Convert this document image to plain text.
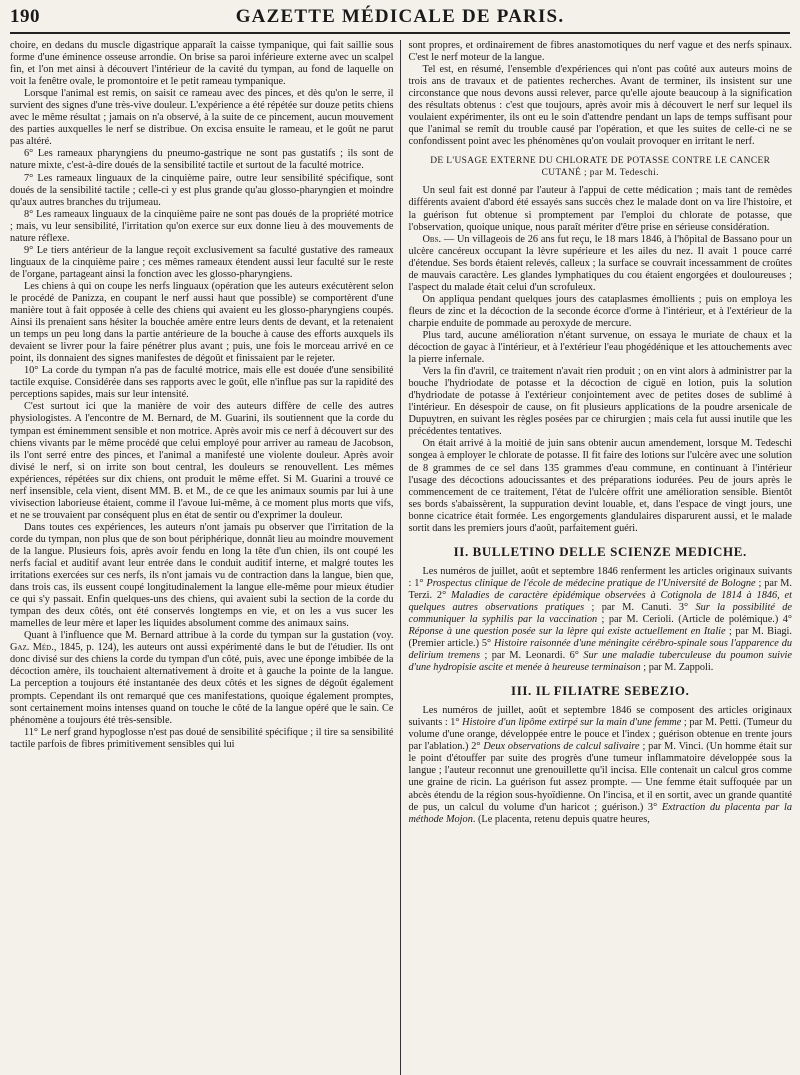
190	GAZETTE MÉDICALE DE PARIS.

choire, en dedans du muscle digastrique apparaît la caisse tympanique, qui fait saillie sous forme d'une éminence osseuse arrondie. On brise sa paroi inférieure externe avec un scalpel fin, et l'on met ainsi à découvert l'intérieur de la cavité du tympan, au fond de laquelle on voit la fenêtre ovale, le promontoire et le petit rameau tympanique.

Lorsque l'animal est remis, on saisit ce rameau avec des pinces, et dès qu'on le serre, il survient des signes d'une très-vive douleur. L'expérience a été répétée sur douze petits chiens avec le même résultat ; jamais on n'a observé, à la suite de ce pincement, aucun mouvement des parties auxquelles le nerf se distribue. On excisa ensuite le rameau, et le goût ne parut pas altéré.

6° Les rameaux pharyngiens du pneumo-gastrique ne sont pas gustatifs ; ils sont de nature mixte, c'est-à-dire doués de la sensibilité tactile et surtout de la faculté motrice.

7° Les rameaux linguaux de la cinquième paire, outre leur sensibilité spécifique, sont doués de la sensibilité tactile ; celle-ci y est plus grande qu'au glosso-pharyngien et moindre qu'aux autres branches du trijumeau.

8° Les rameaux linguaux de la cinquième paire ne sont pas doués de la propriété motrice ; mais, vu leur sensibilité, l'irritation qu'on exerce sur eux donne lieu à des mouvements de nature réflexe.

9° Le tiers antérieur de la langue reçoit exclusivement sa faculté gustative des rameaux linguaux de la cinquième paire ; ces mêmes rameaux étendent aussi leur faculté sur le reste de l'organe, partageant ainsi la fonction avec les glosso-pharyngiens.

Les chiens à qui on coupe les nerfs linguaux (opération que les auteurs exécutèrent selon le procédé de Panizza, en coupant le nerf aussi haut que possible) se comportèrent d'une manière tout à fait opposée à celle des chiens qui avaient eu les glosso-pharyngiens coupés. Ainsi ils prenaient sans hésiter la bouchée amère entre leurs dents de devant, et la retenaient un temps un peu long dans la partie antérieure de la bouche à cause des efforts auxquels ils devaient se livrer pour la faire pénétrer plus avant ; puis, une fois le morceau arrivé en ce point, ils donnaient des signes manifestes de dégoût et finissaient par le rejeter.

10° La corde du tympan n'a pas de faculté motrice, mais elle est douée d'une sensibilité tactile exquise. Considérée dans ses rapports avec le goût, elle n'influe pas sur la rapidité des perceptions sapides, mais sur leur intensité.

C'est surtout ici que la manière de voir des auteurs diffère de celle des autres physiologistes. A l'encontre de M. Bernard, de M. Guarini, ils soutiennent que la corde du tympan est éminemment sensible et non motrice. Après avoir mis ce nerf à découvert sur des chiens vivants par le même procédé que celui employé pour arriver au rameau de Jacobson, ils l'ont serré entre des pinces, et l'animal a manifesté une violente douleur. Après avoir divisé le nerf, si on irrite son bout central, les douleurs se renouvellent. Les mêmes expériences, répétées sur dix chiens, ont produit le même effet. Si M. Guarini a trouvé ce nerf insensible, cela vient, disent MM. B. et M., de ce que les animaux soumis par lui à une vivisection laborieuse étaient, comme il l'avoue lui-même, à ce moment plus morts que vifs, et ne se trouvaient par conséquent plus en état de sentir ou d'exprimer la douleur.

Dans toutes ces expériences, les auteurs n'ont jamais pu observer que l'irritation de la corde du tympan, non plus que de son bout périphérique, donnât lieu au moindre mouvement de la langue. Plusieurs fois, après avoir fendu en long la tête d'un chien, ils ont coupé les nerfs facial et auditif avant leur entrée dans le conduit auditif interne, et malgré toutes les irritations exercées sur ces nerfs, ils n'ont jamais vu de contraction dans la langue, bien que, dans trois cas, ils eussent coupé longitudinalement la langue elle-même pour mieux étudier ce qui s'y passait. Enfin quelques-uns des chiens, qui avaient subi la section de la corde du tympan des deux côtés, ont été conservés longtemps en vie, et on les a vus sucer les mamelles de leur mère et laper les liquides absolument comme des animaux sains.

Quant à l'influence que M. Bernard attribue à la corde du tympan sur la gustation (voy. Gaz. Méd., 1845, p. 124), les auteurs ont aussi expérimenté dans le but de l'étudier. Ils ont donc divisé sur des chiens la corde du tympan d'un côté, puis, avec une éponge imbibée de la décoction amère, ils touchaient alternativement à droite et à gauche la pointe de la langue. La perception a toujours été instantanée des deux côtés et les signes de dégoût également prompts. Cependant ils ont remarqué que ces manifestations, quoique également promptes, sont certainement moins intenses quand on touche le côté de la langue opéré que le sain. Ce phénomène a toujours été très-sensible.

11° Le nerf grand hypoglosse n'est pas doué de sensibilité spécifique ; il tire sa sensibilité tactile parfois de fibres primitivement sensibles qui lui

sont propres, et ordinairement de fibres anastomotiques du nerf vague et des nerfs spinaux. C'est le nerf moteur de la langue.

Tel est, en résumé, l'ensemble d'expériences qui n'ont pas coûté aux auteurs moins de trois ans de travaux et de patientes recherches. Avant de terminer, ils insistent sur une circonstance que nous devons aussi relever, parce qu'elle ajoute beaucoup à la signification des résultats obtenus : c'est que toujours, après avoir mis à découvert le nerf sur lequel ils voulaient expérimenter, ils ont eu le soin d'attendre pendant un laps de temps suffisant pour que l'animal se remît du trouble causé par l'opération, et que les suites de celle-ci ne se confondissent point avec les phénomènes qu'on voulait provoquer en irritant le nerf.

DE L'USAGE EXTERNE DU CHLORATE DE POTASSE CONTRE LE CANCER CUTANÉ ; par M. Tedeschi.

Un seul fait est donné par l'auteur à l'appui de cette médication ; mais tant de remèdes différents avaient d'abord été essayés sans succès chez le malade dont on va lire l'histoire, et la guérison fut obtenue si promptement par l'emploi du chlorate de potasse, que l'observation, quoique unique, nous paraît mériter d'être prise en sérieuse considération.

Obs. — Un villageois de 26 ans fut reçu, le 18 mars 1846, à l'hôpital de Bassano pour un ulcère cancéreux occupant la lèvre supérieure et les ailes du nez. Il avait 1 pouce carré d'étendue. Ses bords étaient relevés, calleux ; la surface se couvrait incessamment de croûtes de mauvais caractère. Les glandes lymphatiques du cou étaient engorgées et douloureuses ; l'aspect du malade était celui d'un scrofuleux.

On appliqua pendant quelques jours des cataplasmes émollients ; puis on employa les fleurs de zinc et la décoction de la seconde écorce d'orme à l'intérieur, et à l'extérieur de la charpie enduite de pommade au peroxyde de mercure.

Plus tard, aucune amélioration n'étant survenue, on essaya le muriate de chaux et la décoction de gayac à l'intérieur, et à l'extérieur l'eau phogédénique et les attouchements avec la pierre infernale.

Vers la fin d'avril, ce traitement n'avait rien produit ; on en vint alors à administrer par la bouche l'hydriodate de potasse et la décoction de ciguë en lotion, puis la solution d'hydriodate de potasse à l'extérieur conjointement avec de petites doses de sublimé à l'intérieur. En désespoir de cause, on fit plusieurs applications de la poudre arsenicale de Dupuytren, en suivant les règles posées par ce chirurgien ; mais cela fut aussi inutile que les précédentes tentatives.

On était arrivé à la moitié de juin sans obtenir aucun amendement, lorsque M. Tedeschi songea à employer le chlorate de potasse. Il fit faire des lotions sur l'ulcère avec une solution de 8 grammes de ce sel dans 135 grammes d'eau commune, en continuant à l'intérieur l'usage des décoctions adoucissantes et des préparations iodurées. Peu de jours après le commencement de ce traitement, l'état de l'ulcère offrit une amélioration sensible. Bientôt ses bords s'abaissèrent, la suppuration devint louable, et, dans l'espace de vingt jours, une bonne cicatrice était formée. Les engorgements glandulaires disparurent aussi, et le malade sortit dans les premiers jours d'août, parfaitement guéri.

II. BULLETINO DELLE SCIENZE MEDICHE.

Les numéros de juillet, août et septembre 1846 renferment les articles originaux suivants : 1° Prospectus clinique de l'école de médecine pratique de l'Université de Bologne ; par M. Terzi. 2° Maladies de caractère épidémique observées à Cotignola de 1814 à 1846, et quelques autres observations pratiques ; par M. Canuti. 3° Sur la possibilité de communiquer la syphilis par la vaccination ; par M. Cerioli. (Article de polémique.) 4° Réponse à une question posée sur la lèpre qui existe actuellement en Italie ; par M. Biagi. (Premier article.) 5° Histoire raisonnée d'une méningite cérébro-spinale sous l'apparence du delirium tremens ; par M. Leonardi. 6° Sur une maladie tuberculeuse du poumon suivie d'une hydropisie ascite et menée à heureuse terminaison ; par M. Zappoli.

III. IL FILIATRE SEBEZIO.

Les numéros de juillet, août et septembre 1846 se composent des articles originaux suivants : 1° Histoire d'un lipôme extirpé sur la main d'une femme ; par M. Petti. (Tumeur du volume d'une orange, développée entre le pouce et l'index ; guérison obtenue en trente jours par l'ablation.) 2° Deux observations de calcul salivaire ; par M. Vinci. (Un homme était sur le point d'étouffer par suite des progrès d'une tumeur inflammatoire développée sous la langue ; l'auteur reconnut une grenouillette qu'il incisa. Elle contenait un calcul gros comme une graine de ricin. La guérison fut assez prompte. — Une femme était suffoquée par un abcès étendu de la région sous-hyoïdienne. On l'incisa, et il en sortit, avec un grande quantité de pus, un calcul du volume d'un haricot ; guérison.) 3° Extraction du placenta par la méthode Mojon. (Le placenta, retenu depuis quatre heures,
